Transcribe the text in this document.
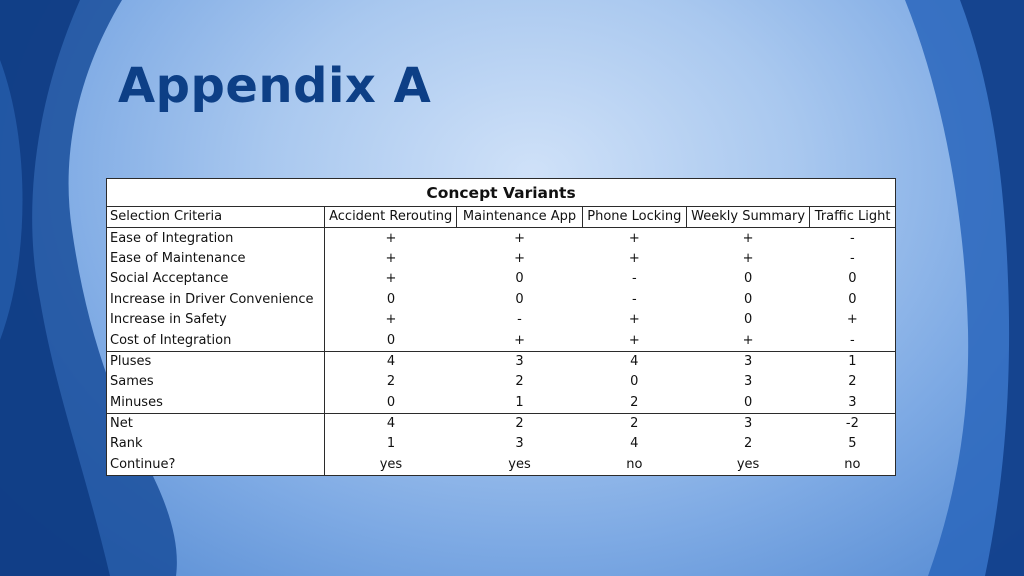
Appendix A
Concept Variants					
Selection Criteria	Accident Rerouting	Maintenance App	Phone Locking	Weekly Summary	Traffic Light
Ease of Integration	+	+	+	+	-
Ease of Maintenance	+	+	+	+	-
Social Acceptance	+	0	-	0	0
Increase in Driver Convenience	0	0	-	0	0
Increase in Safety	+	-	+	0	+
Cost of Integration	0	+	+	+	-
Pluses	4	3	4	3	1
Sames	2	2	0	3	2
Minuses	0	1	2	0	3
Net	4	2	2	3	-2
Rank	1	3	4	2	5
Continue?	yes	yes	no	yes	no
